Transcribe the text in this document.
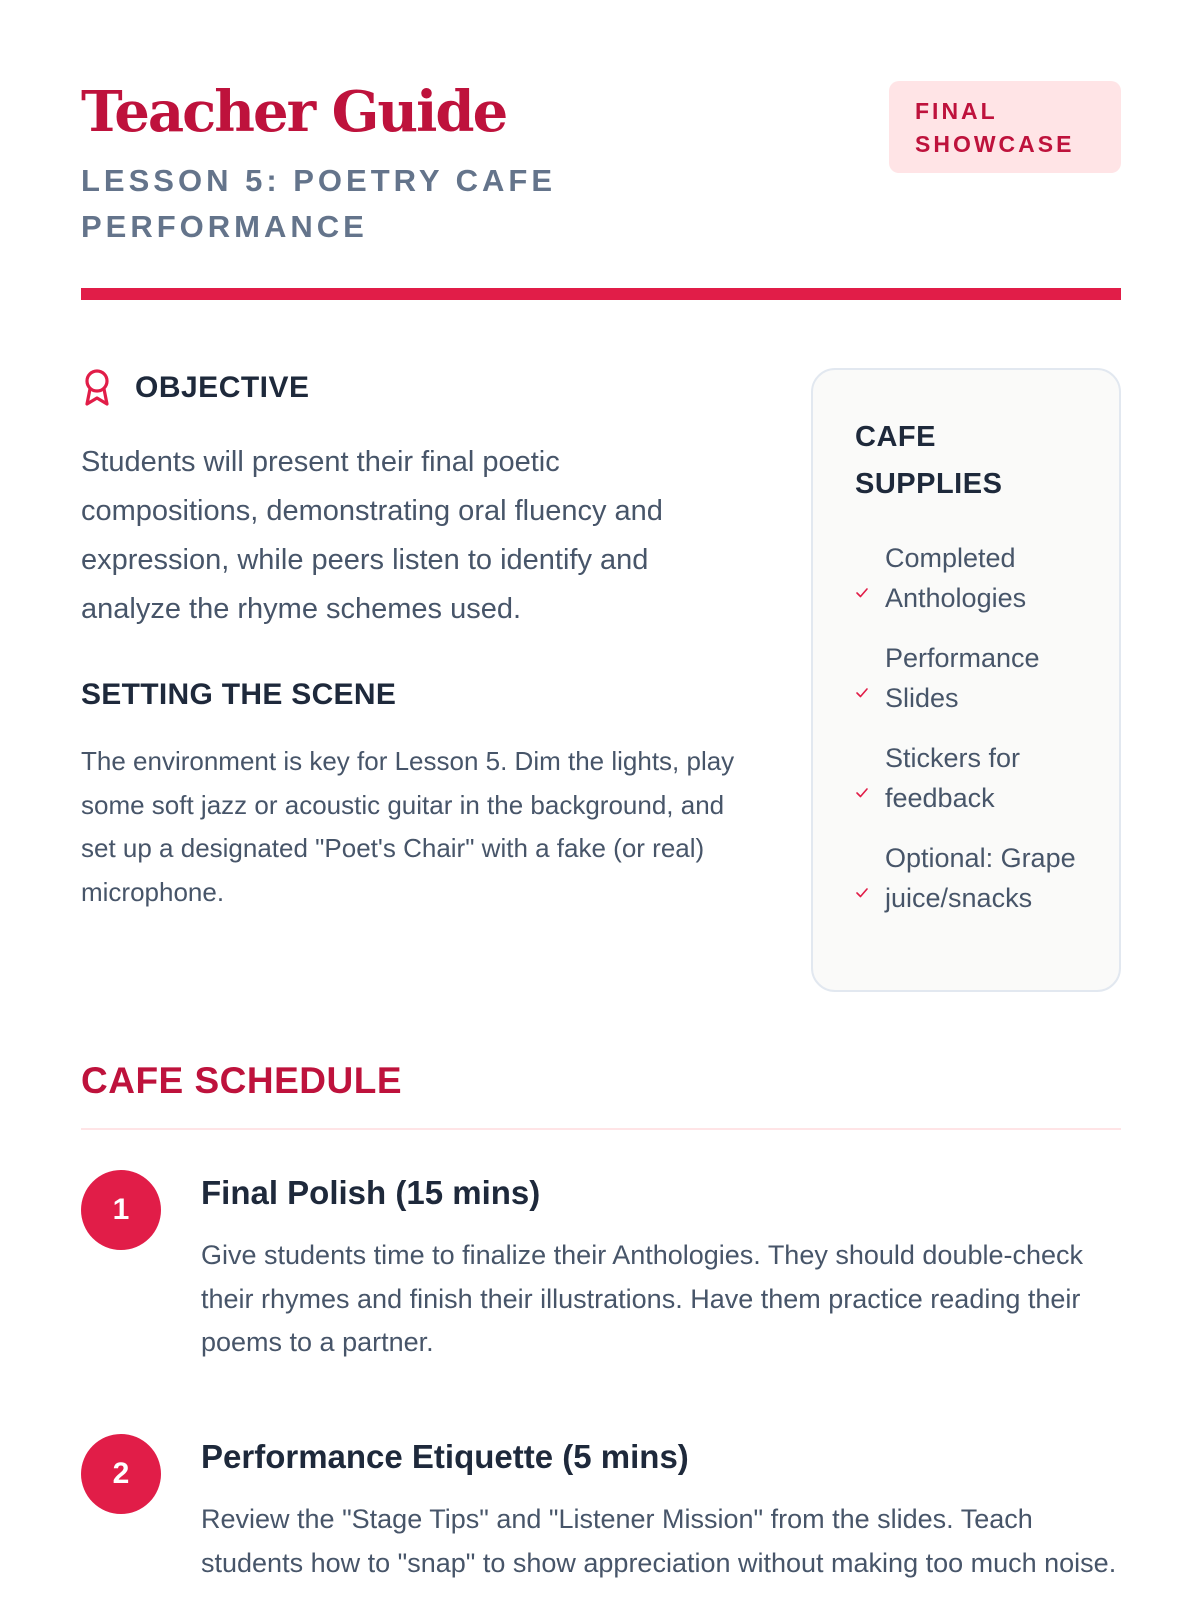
Teacher Guide
LESSON 5: POETRY CAFE PERFORMANCE
FINAL SHOWCASE
OBJECTIVE

Students will present their final poetic compositions, demonstrating oral fluency and expression, while peers listen to identify and analyze the rhyme schemes used.

SETTING THE SCENE

The environment is key for Lesson 5. Dim the lights, play some soft jazz or acoustic guitar in the background, and set up a designated "Poet's Chair" with a fake (or real) microphone.

CAFE SUPPLIES
Completed Anthologies
Performance Slides
Stickers for feedback
Optional: Grape juice/snacks
CAFE SCHEDULE
1	Final Polish (15 mins)

Give students time to finalize their Anthologies. They should double-check their rhymes and finish their illustrations. Have them practice reading their poems to a partner.

2	Performance Etiquette (5 mins)

Review the "Stage Tips" and "Listener Mission" from the slides. Teach students how to "snap" to show appreciation without making too much noise.
